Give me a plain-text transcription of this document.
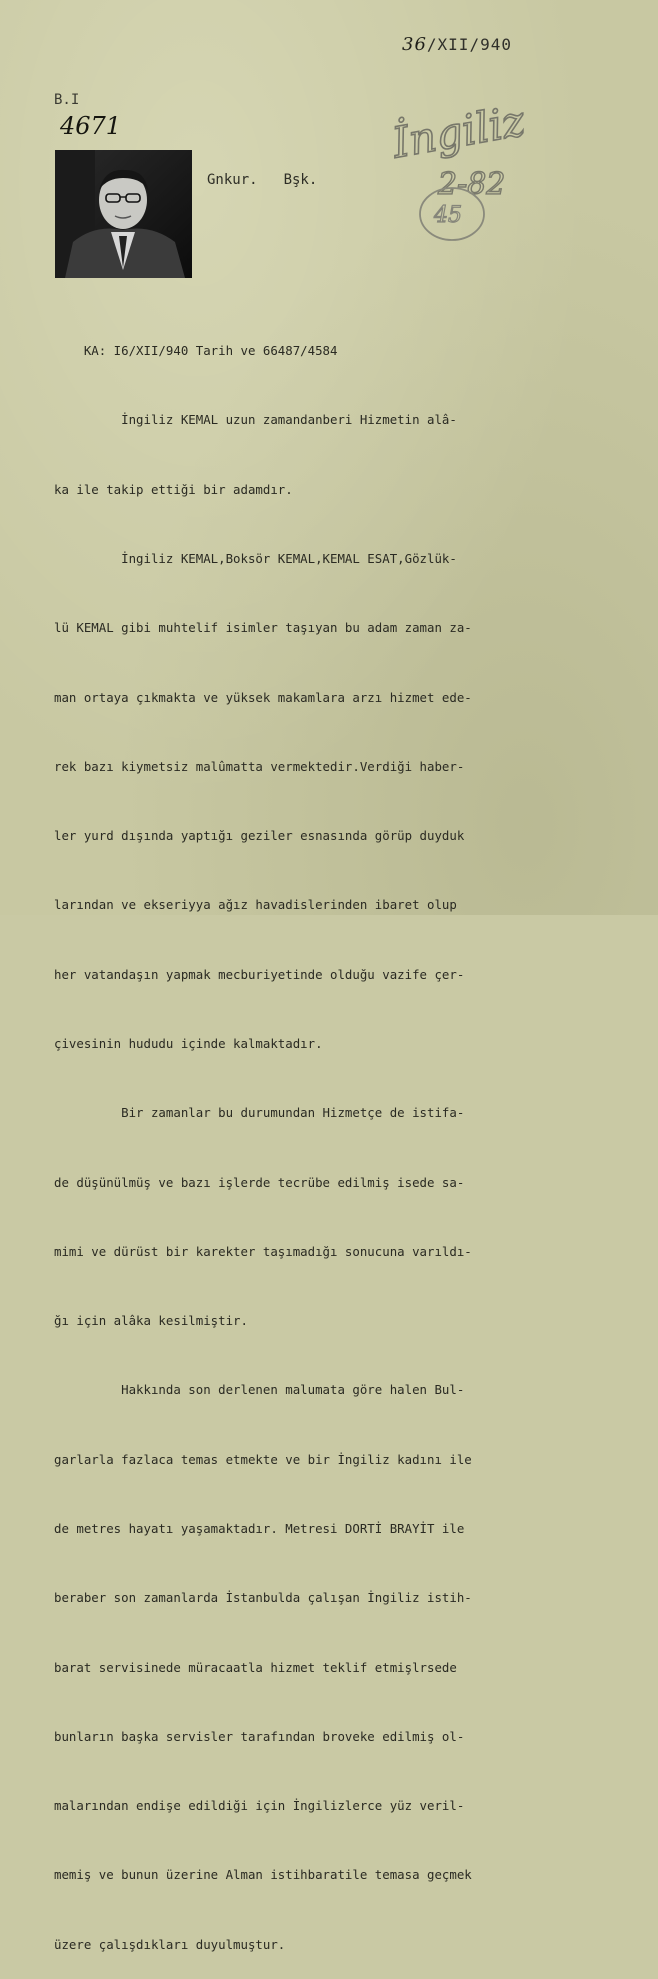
36/XII/940
B.I
4671
Gnkur. Bşk.
İngiliz
2-82
45

KA: I6/XII/940 Tarih ve 66487/4584

İngiliz KEMAL uzun zamandanberi Hizmetin alâ-

ka ile takip ettiği bir adamdır.

İngiliz KEMAL,Boksör KEMAL,KEMAL ESAT,Gözlük-

lü KEMAL gibi muhtelif isimler taşıyan bu adam zaman za-

man ortaya çıkmakta ve yüksek makamlara arzı hizmet ede-

rek bazı kiymetsiz malûmatta vermektedir.Verdiği haber-

ler yurd dışında yaptığı geziler esnasında görüp duyduk

larından ve ekseriyya ağız havadislerinden ibaret olup

her vatandaşın yapmak mecburiyetinde olduğu vazife çer-

çivesinin hududu içinde kalmaktadır.

Bir zamanlar bu durumundan Hizmetçe de istifa-

de düşünülmüş ve bazı işlerde tecrübe edilmiş isede sa-

mimi ve dürüst bir karekter taşımadığı sonucuna varıldı-

ğı için alâka kesilmiştir.

Hakkında son derlenen malumata göre halen Bul-

garlarla fazlaca temas etmekte ve bir İngiliz kadını ile

de metres hayatı yaşamaktadır. Metresi DORTİ BRAYİT ile

beraber son zamanlarda İstanbulda çalışan İngiliz istih-

barat servisinede müracaatla hizmet teklif etmişlrsede

bunların başka servisler tarafından broveke edilmiş ol-

malarından endişe edildiği için İngilizlerce yüz veril-

memiş ve bunun üzerine Alman istihbaratile temasa geçmek

üzere çalışdıkları duyulmuştur.
